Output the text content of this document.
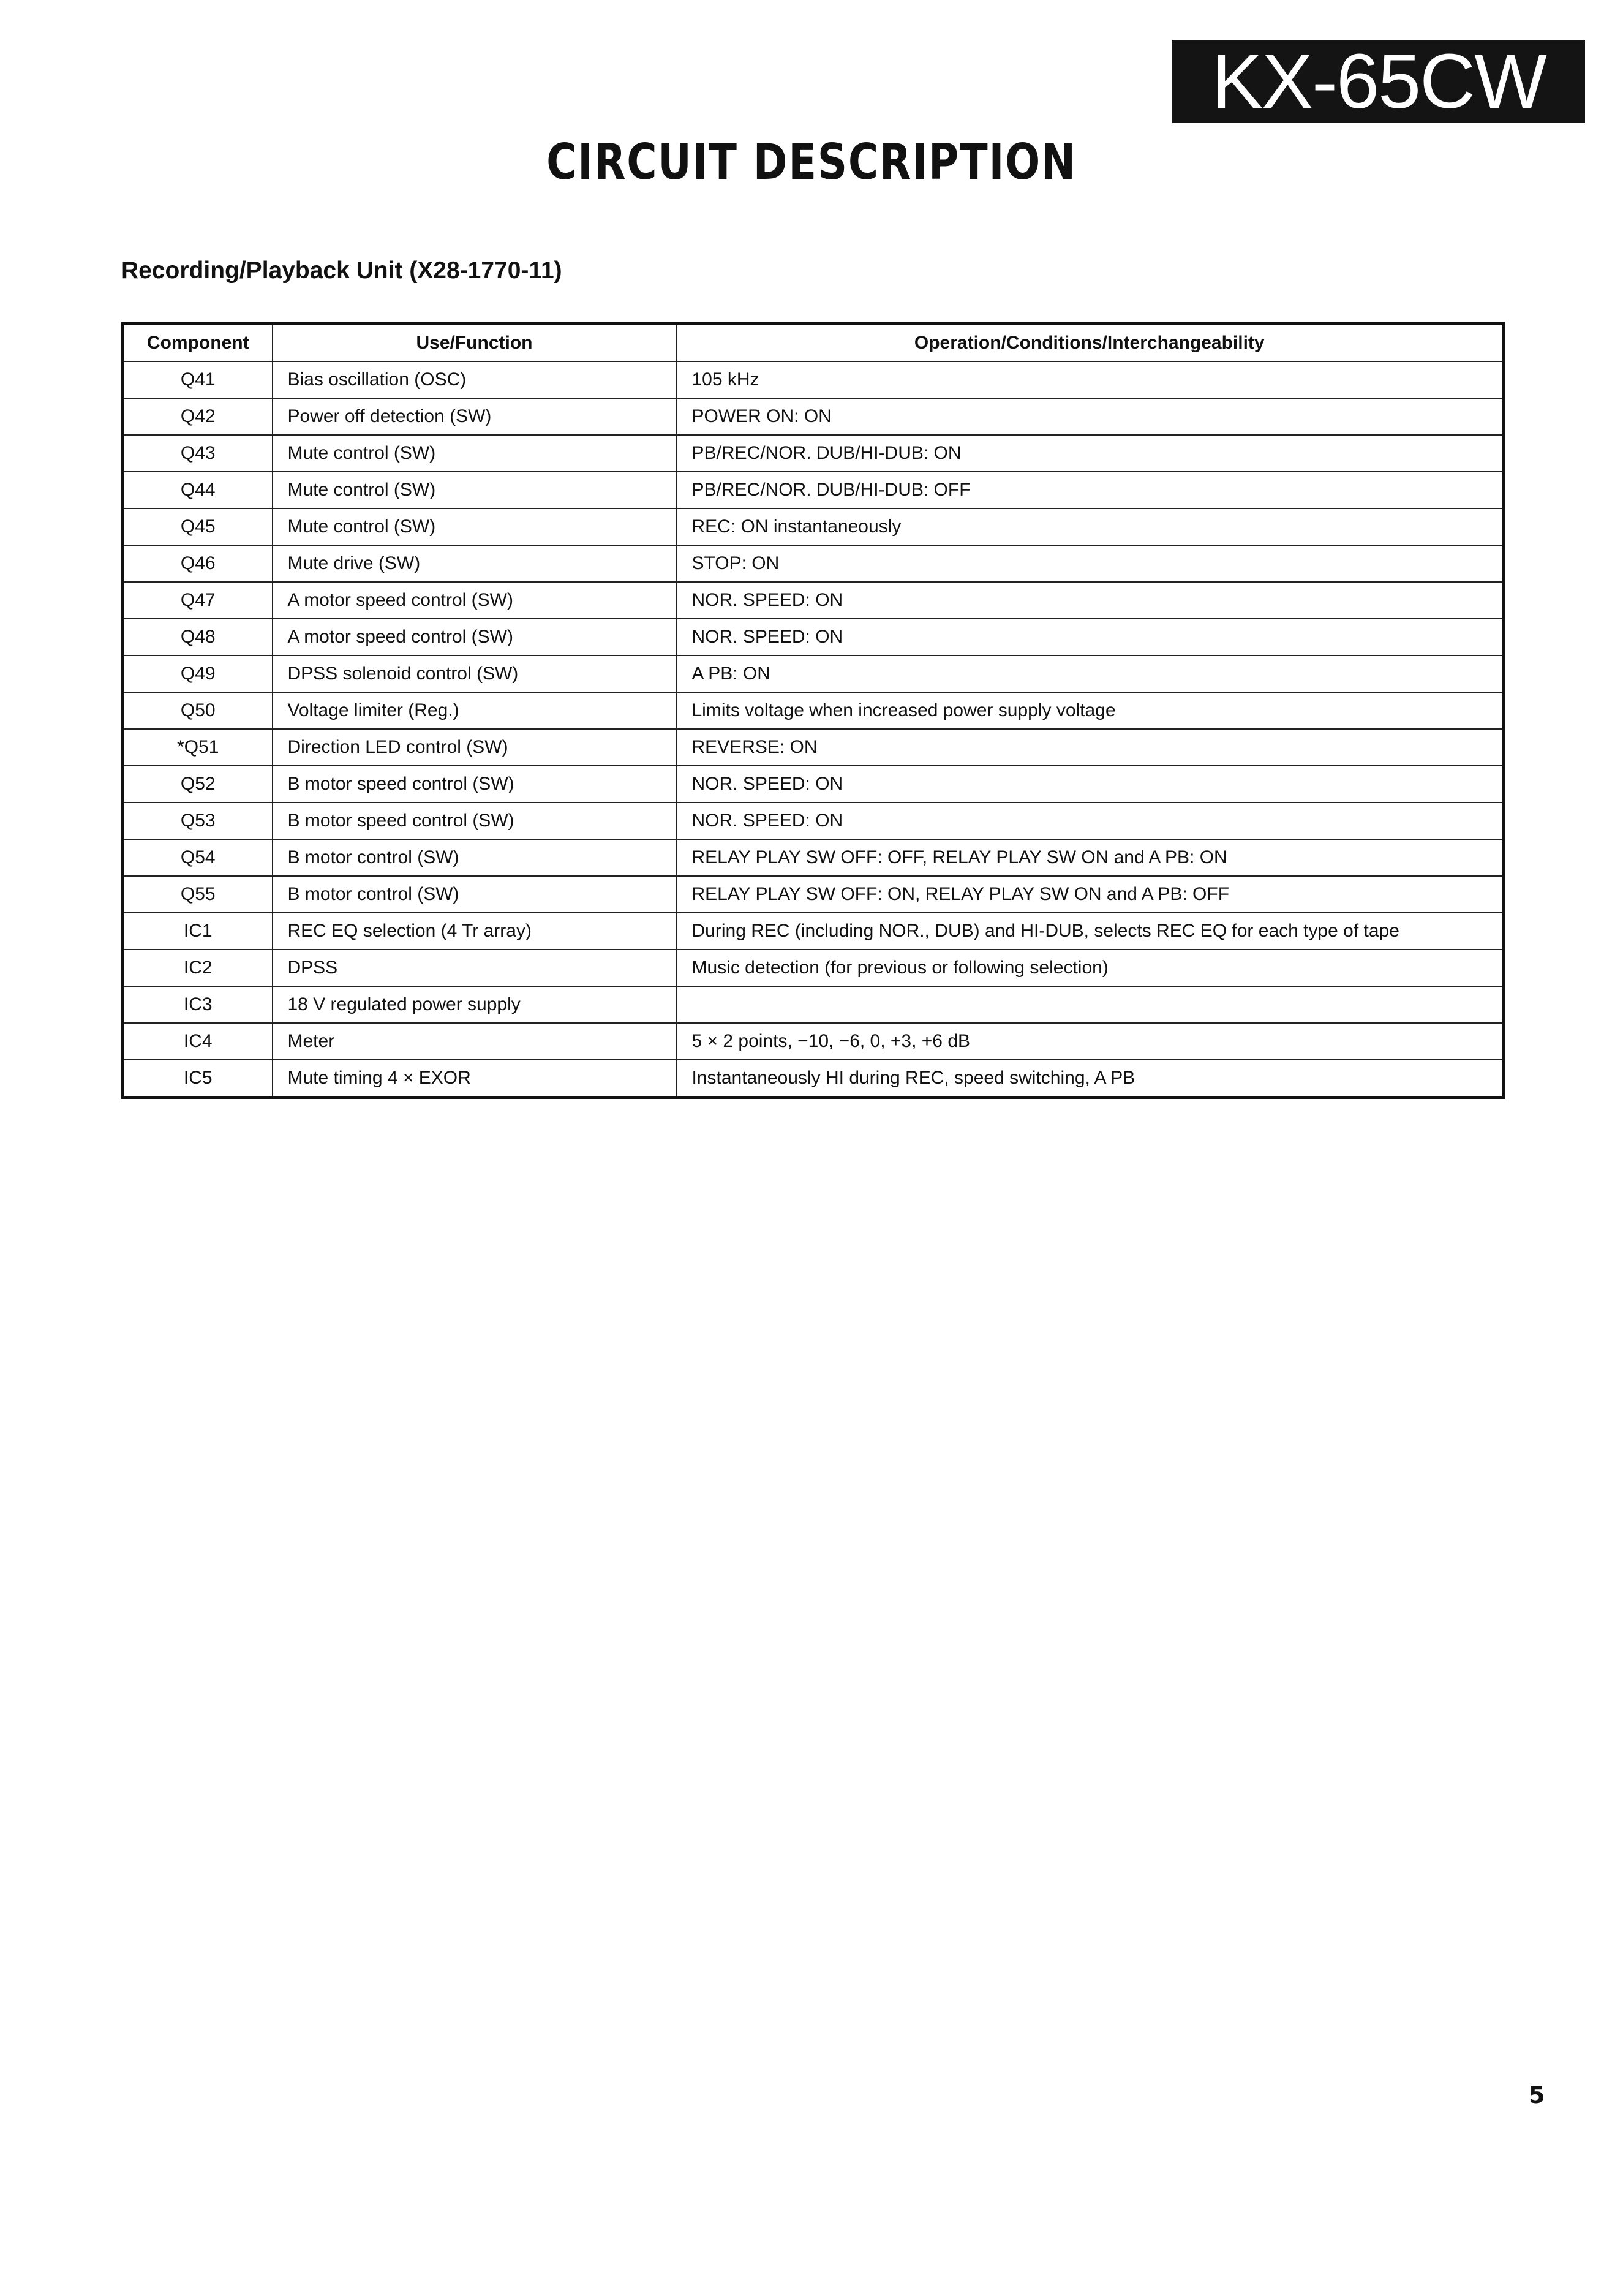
KX-65CW
CIRCUIT DESCRIPTION
Recording/Playback Unit (X28-1770-11)
Component	Use/Function	Operation/Conditions/Interchangeability
Q41	Bias oscillation (OSC)	105 kHz
Q42	Power off detection (SW)	POWER ON: ON
Q43	Mute control (SW)	PB/REC/NOR. DUB/HI-DUB: ON
Q44	Mute control (SW)	PB/REC/NOR. DUB/HI-DUB: OFF
Q45	Mute control (SW)	REC: ON instantaneously
Q46	Mute drive (SW)	STOP: ON
Q47	A motor speed control (SW)	NOR. SPEED: ON
Q48	A motor speed control (SW)	NOR. SPEED: ON
Q49	DPSS solenoid control (SW)	A PB: ON
Q50	Voltage limiter (Reg.)	Limits voltage when increased power supply voltage
*Q51	Direction LED control (SW)	REVERSE: ON
Q52	B motor speed control (SW)	NOR. SPEED: ON
Q53	B motor speed control (SW)	NOR. SPEED: ON
Q54	B motor control (SW)	RELAY PLAY SW OFF: OFF, RELAY PLAY SW ON and A PB: ON
Q55	B motor control (SW)	RELAY PLAY SW OFF: ON, RELAY PLAY SW ON and A PB: OFF
IC1	REC EQ selection (4 Tr array)	During REC (including NOR., DUB) and HI-DUB, selects REC EQ for each type of tape
IC2	DPSS	Music detection (for previous or following selection)
IC3	18 V regulated power supply	
IC4	Meter	5 × 2 points, −10, −6, 0, +3, +6 dB
IC5	Mute timing 4 × EXOR	Instantaneously HI during REC, speed switching, A PB
5
